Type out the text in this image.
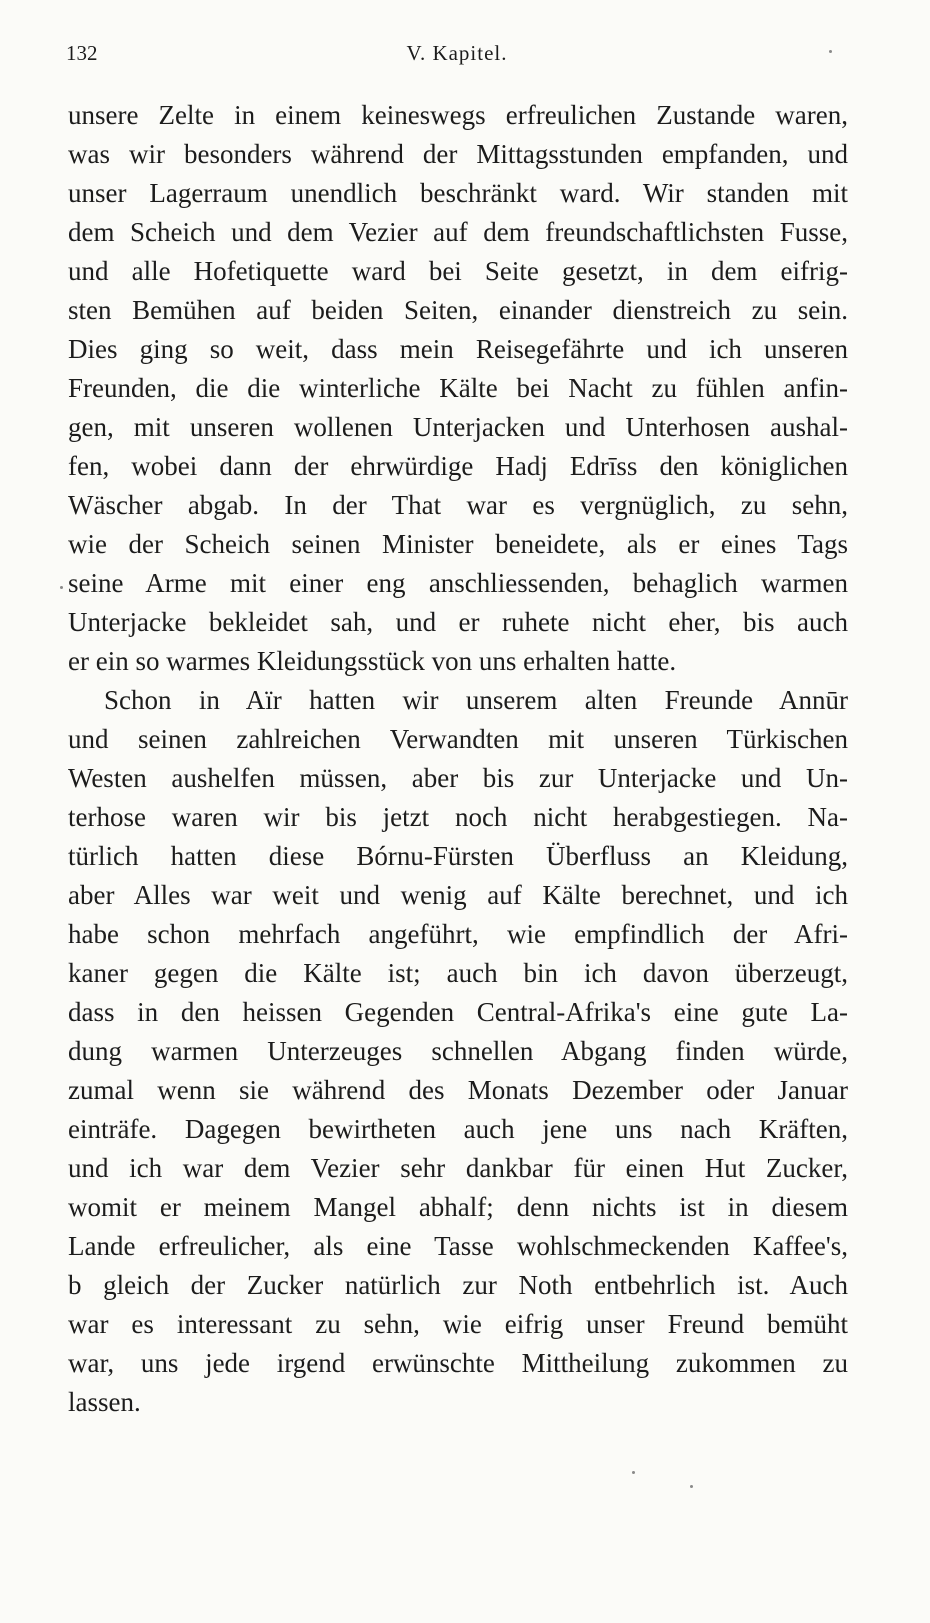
132	V. Kapitel.
unsere Zelte in einem keineswegs erfreulichen Zustande waren,
was wir besonders während der Mittagsstunden empfanden, und
unser Lagerraum unendlich beschränkt ward. Wir standen mit
dem Scheich und dem Vezier auf dem freundschaftlichsten Fusse,
und alle Hofetiquette ward bei Seite gesetzt, in dem eifrig-
sten Bemühen auf beiden Seiten, einander dienstreich zu sein.
Dies ging so weit, dass mein Reisegefährte und ich unseren
Freunden, die die winterliche Kälte bei Nacht zu fühlen anfin-
gen, mit unseren wollenen Unterjacken und Unterhosen aushal-
fen, wobei dann der ehrwürdige Hadj Edrīss den königlichen
Wäscher abgab. In der That war es vergnüglich, zu sehn,
wie der Scheich seinen Minister beneidete, als er eines Tags
seine Arme mit einer eng anschliessenden, behaglich warmen
Unterjacke bekleidet sah, und er ruhete nicht eher, bis auch
er ein so warmes Kleidungsstück von uns erhalten hatte.
Schon in Aïr hatten wir unserem alten Freunde Annūr
und seinen zahlreichen Verwandten mit unseren Türkischen
Westen aushelfen müssen, aber bis zur Unterjacke und Un-
terhose waren wir bis jetzt noch nicht herabgestiegen. Na-
türlich hatten diese Bórnu-Fürsten Überfluss an Kleidung,
aber Alles war weit und wenig auf Kälte berechnet, und ich
habe schon mehrfach angeführt, wie empfindlich der Afri-
kaner gegen die Kälte ist; auch bin ich davon überzeugt,
dass in den heissen Gegenden Central-Afrika's eine gute La-
dung warmen Unterzeuges schnellen Abgang finden würde,
zumal wenn sie während des Monats Dezember oder Januar
einträfe. Dagegen bewirtheten auch jene uns nach Kräften,
und ich war dem Vezier sehr dankbar für einen Hut Zucker,
womit er meinem Mangel abhalf; denn nichts ist in diesem
Lande erfreulicher, als eine Tasse wohlschmeckenden Kaffee's,
b gleich der Zucker natürlich zur Noth entbehrlich ist. Auch
war es interessant zu sehn, wie eifrig unser Freund bemüht
war, uns jede irgend erwünschte Mittheilung zukommen zu
lassen.
